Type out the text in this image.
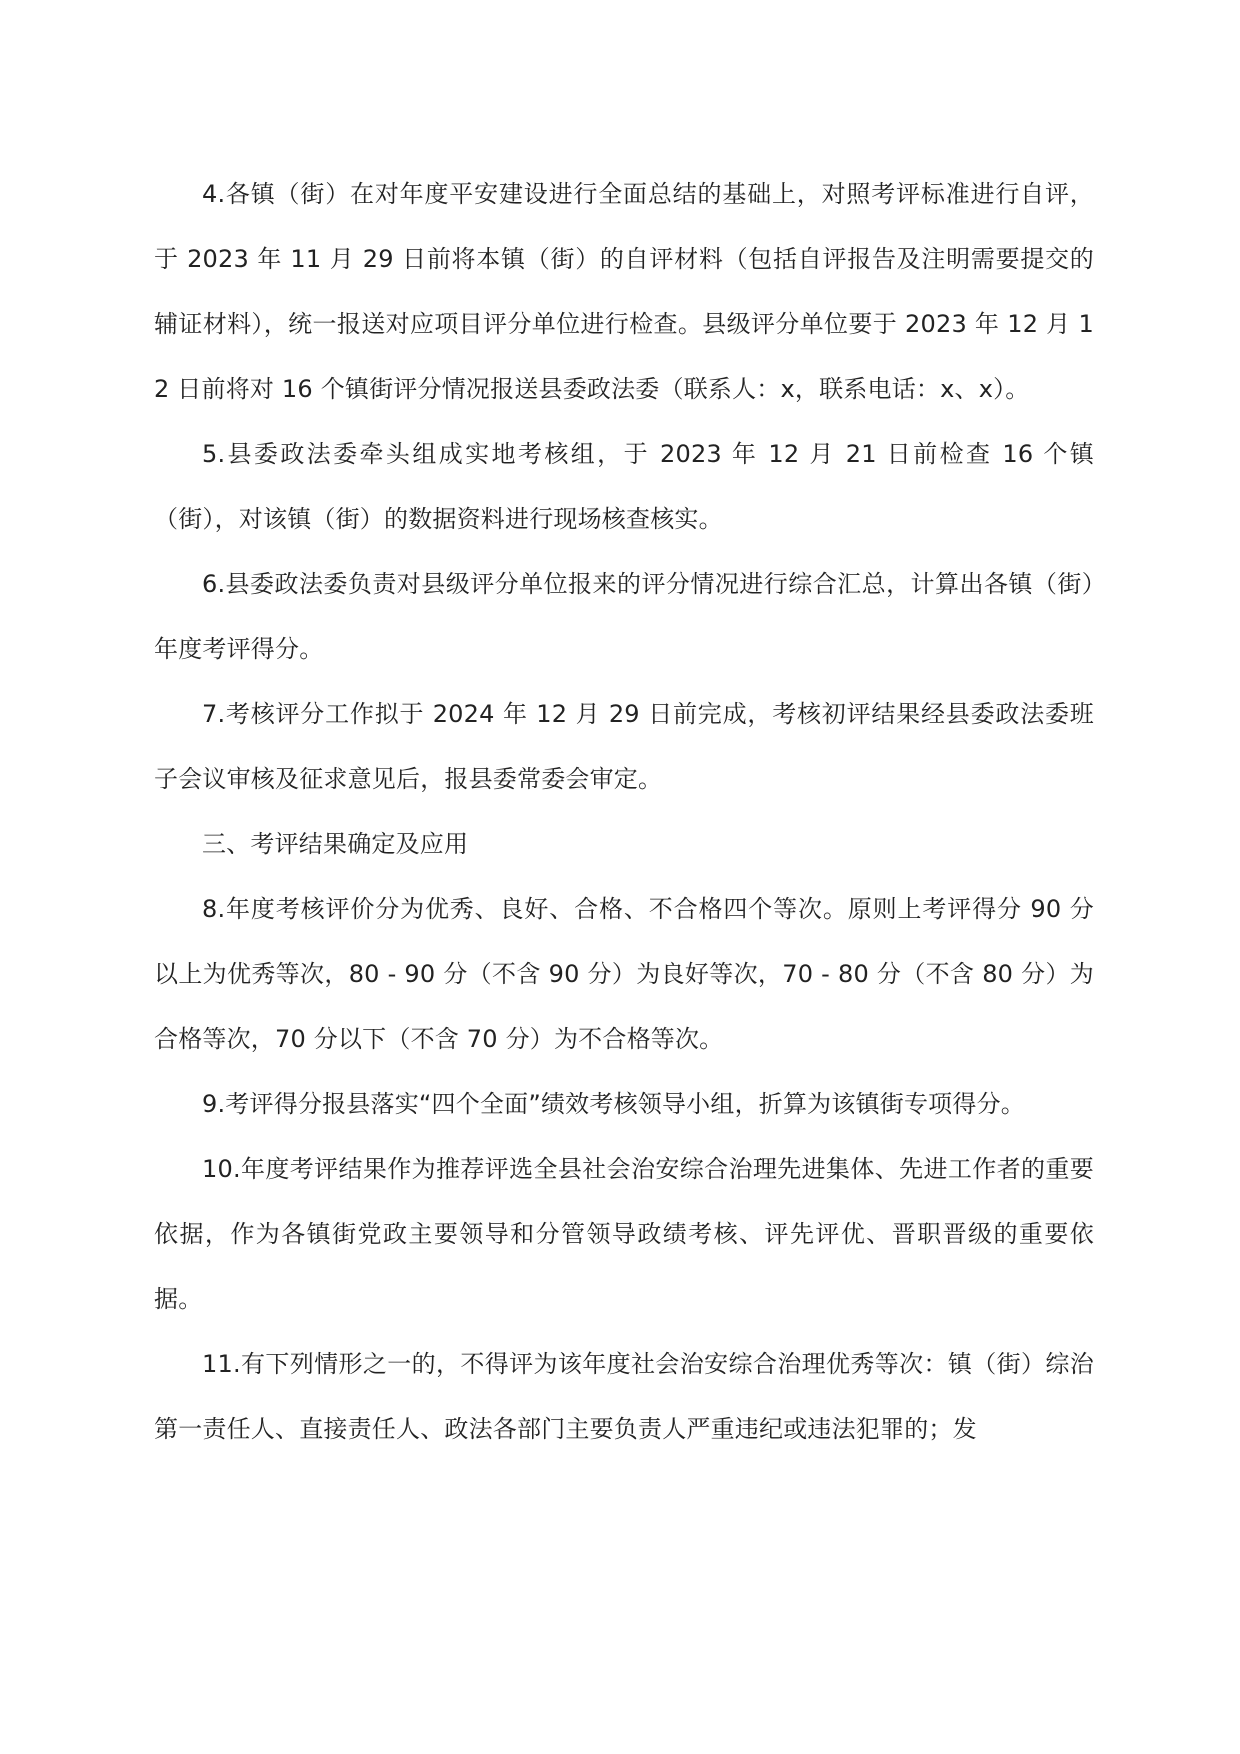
4.各镇（街）在对年度平安建设进行全面总结的基础上，对照考评标准进行自评，于 2023 年 11 月 29 日前将本镇（街）的自评材料（包括自评报告及注明需要提交的辅证材料），统一报送对应项目评分单位进行检查。县级评分单位要于 2023 年 12 月 12 日前将对 16 个镇街评分情况报送县委政法委（联系人：x，联系电话：x、x）。

5.县委政法委牵头组成实地考核组，于 2023 年 12 月 21 日前检查 16 个镇（街），对该镇（街）的数据资料进行现场核查核实。

6.县委政法委负责对县级评分单位报来的评分情况进行综合汇总，计算出各镇（街）年度考评得分。

7.考核评分工作拟于 2024 年 12 月 29 日前完成，考核初评结果经县委政法委班子会议审核及征求意见后，报县委常委会审定。

三、考评结果确定及应用

8.年度考核评价分为优秀、良好、合格、不合格四个等次。原则上考评得分 90 分以上为优秀等次，80 - 90 分（不含 90 分）为良好等次，70 - 80 分（不含 80 分）为合格等次，70 分以下（不含 70 分）为不合格等次。

9.考评得分报县落实“四个全面”绩效考核领导小组，折算为该镇街专项得分。

10.年度考评结果作为推荐评选全县社会治安综合治理先进集体、先进工作者的重要依据，作为各镇街党政主要领导和分管领导政绩考核、评先评优、晋职晋级的重要依据。

11.有下列情形之一的，不得评为该年度社会治安综合治理优秀等次：镇（街）综治第一责任人、直接责任人、政法各部门主要负责人严重违纪或违法犯罪的；发
